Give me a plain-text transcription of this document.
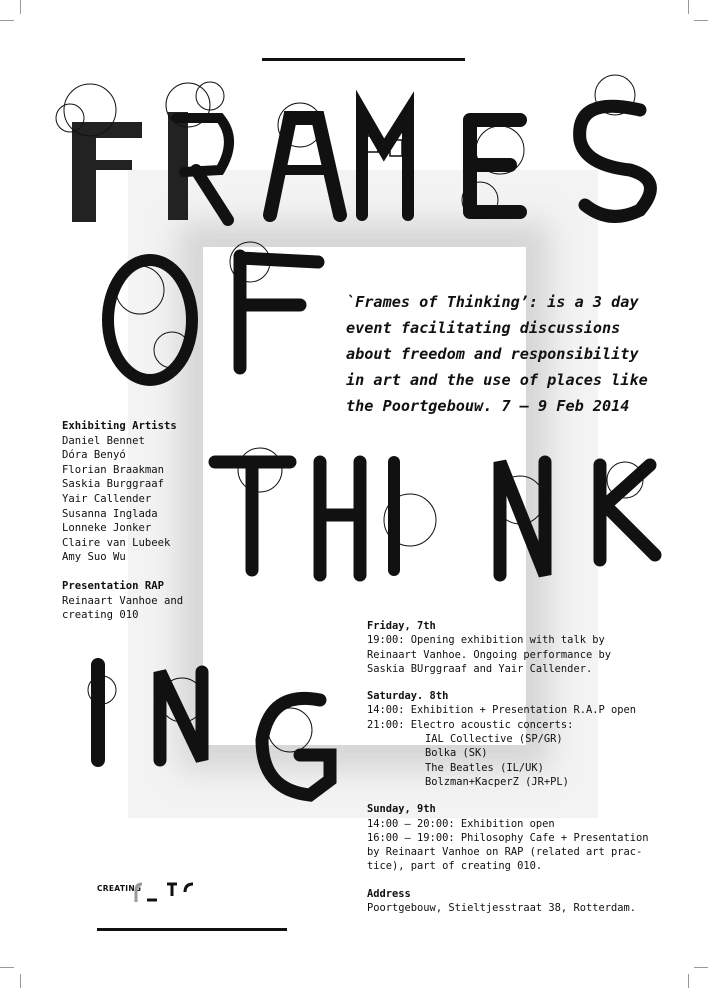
`Frames of Thinking’: is a 3 day
event facilitating discussions
about freedom and responsibility
in art and the use of places like
the Poortgebouw. 7 – 9 Feb 2014
Exhibiting Artists
Daniel Bennet
Dóra Benyó
Florian Braakman
Saskia Burggraaf
Yair Callender
Susanna Inglada
Lonneke Jonker
Claire van Lubeek
Amy Suo Wu
Presentation RAP
Reinaart Vanhoe and
creating 010
Friday, 7th
19:00: Opening exhibition with talk by
Reinaart Vanhoe. Ongoing performance by
Saskia BUrggraaf and Yair Callender.
Saturday. 8th
14:00: Exhibition + Presentation R.A.P open
21:00: Electro acoustic concerts:
IAL Collective (SP/GR)
Bolka (SK)
The Beatles (IL/UK)
Bolzman+KacperZ (JR+PL)
Sunday, 9th
14:00 – 20:00: Exhibition open
16:00 – 19:00: Philosophy Cafe + Presentation
by Reinaart Vanhoe on RAP (related art prac-
tice), part of creating 010.
Address
Poortgebouw, Stieltjesstraat 38, Rotterdam.
CREATING
